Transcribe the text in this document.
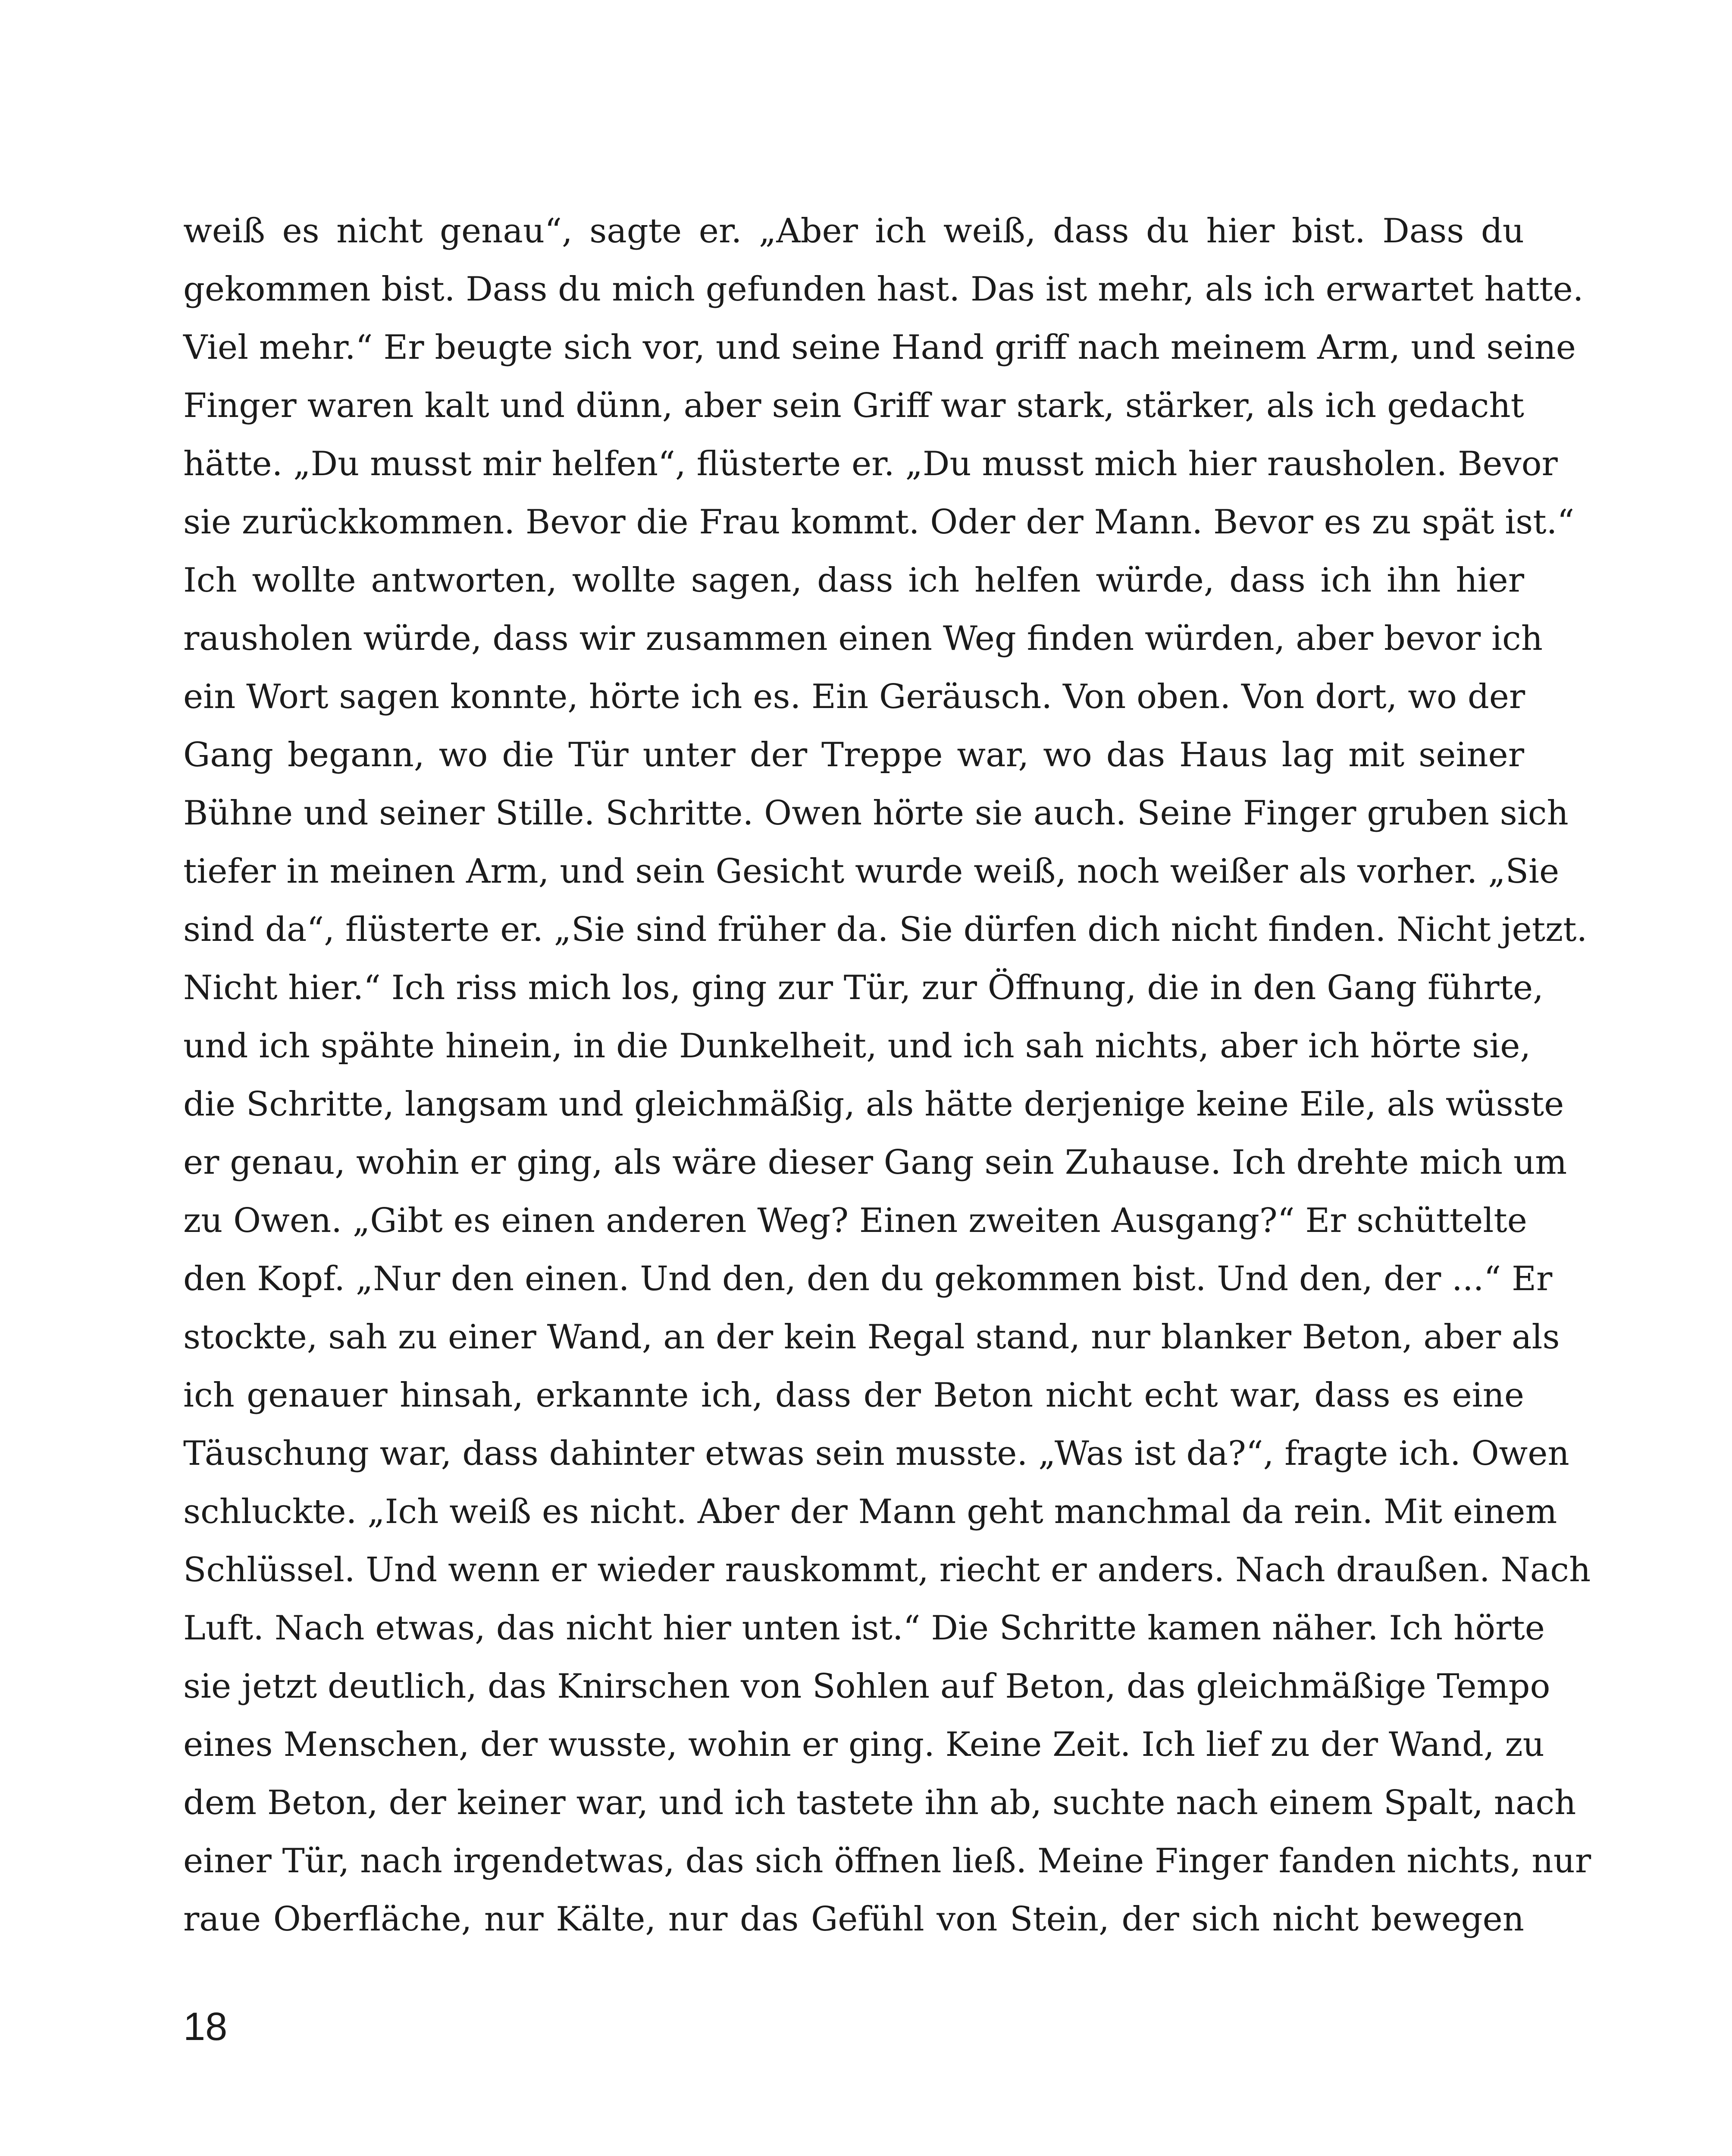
weiß es nicht genau“, sagte er. „Aber ich weiß, dass du hier bist. Dass du
gekommen bist. Dass du mich gefunden hast. Das ist mehr, als ich erwartet hatte.
Viel mehr.“ Er beugte sich vor, und seine Hand griff nach meinem Arm, und seine
Finger waren kalt und dünn, aber sein Griff war stark, stärker, als ich gedacht
hätte. „Du musst mir helfen“, flüsterte er. „Du musst mich hier rausholen. Bevor
sie zurückkommen. Bevor die Frau kommt. Oder der Mann. Bevor es zu spät ist.“
Ich wollte antworten, wollte sagen, dass ich helfen würde, dass ich ihn hier
rausholen würde, dass wir zusammen einen Weg finden würden, aber bevor ich
ein Wort sagen konnte, hörte ich es. Ein Geräusch. Von oben. Von dort, wo der
Gang begann, wo die Tür unter der Treppe war, wo das Haus lag mit seiner
Bühne und seiner Stille. Schritte. Owen hörte sie auch. Seine Finger gruben sich
tiefer in meinen Arm, und sein Gesicht wurde weiß, noch weißer als vorher. „Sie
sind da“, flüsterte er. „Sie sind früher da. Sie dürfen dich nicht finden. Nicht jetzt.
Nicht hier.“ Ich riss mich los, ging zur Tür, zur Öffnung, die in den Gang führte,
und ich spähte hinein, in die Dunkelheit, und ich sah nichts, aber ich hörte sie,
die Schritte, langsam und gleichmäßig, als hätte derjenige keine Eile, als wüsste
er genau, wohin er ging, als wäre dieser Gang sein Zuhause. Ich drehte mich um
zu Owen. „Gibt es einen anderen Weg? Einen zweiten Ausgang?“ Er schüttelte
den Kopf. „Nur den einen. Und den, den du gekommen bist. Und den, der ...“ Er
stockte, sah zu einer Wand, an der kein Regal stand, nur blanker Beton, aber als
ich genauer hinsah, erkannte ich, dass der Beton nicht echt war, dass es eine
Täuschung war, dass dahinter etwas sein musste. „Was ist da?“, fragte ich. Owen
schluckte. „Ich weiß es nicht. Aber der Mann geht manchmal da rein. Mit einem
Schlüssel. Und wenn er wieder rauskommt, riecht er anders. Nach draußen. Nach
Luft. Nach etwas, das nicht hier unten ist.“ Die Schritte kamen näher. Ich hörte
sie jetzt deutlich, das Knirschen von Sohlen auf Beton, das gleichmäßige Tempo
eines Menschen, der wusste, wohin er ging. Keine Zeit. Ich lief zu der Wand, zu
dem Beton, der keiner war, und ich tastete ihn ab, suchte nach einem Spalt, nach
einer Tür, nach irgendetwas, das sich öffnen ließ. Meine Finger fanden nichts, nur
raue Oberfläche, nur Kälte, nur das Gefühl von Stein, der sich nicht bewegen
18
